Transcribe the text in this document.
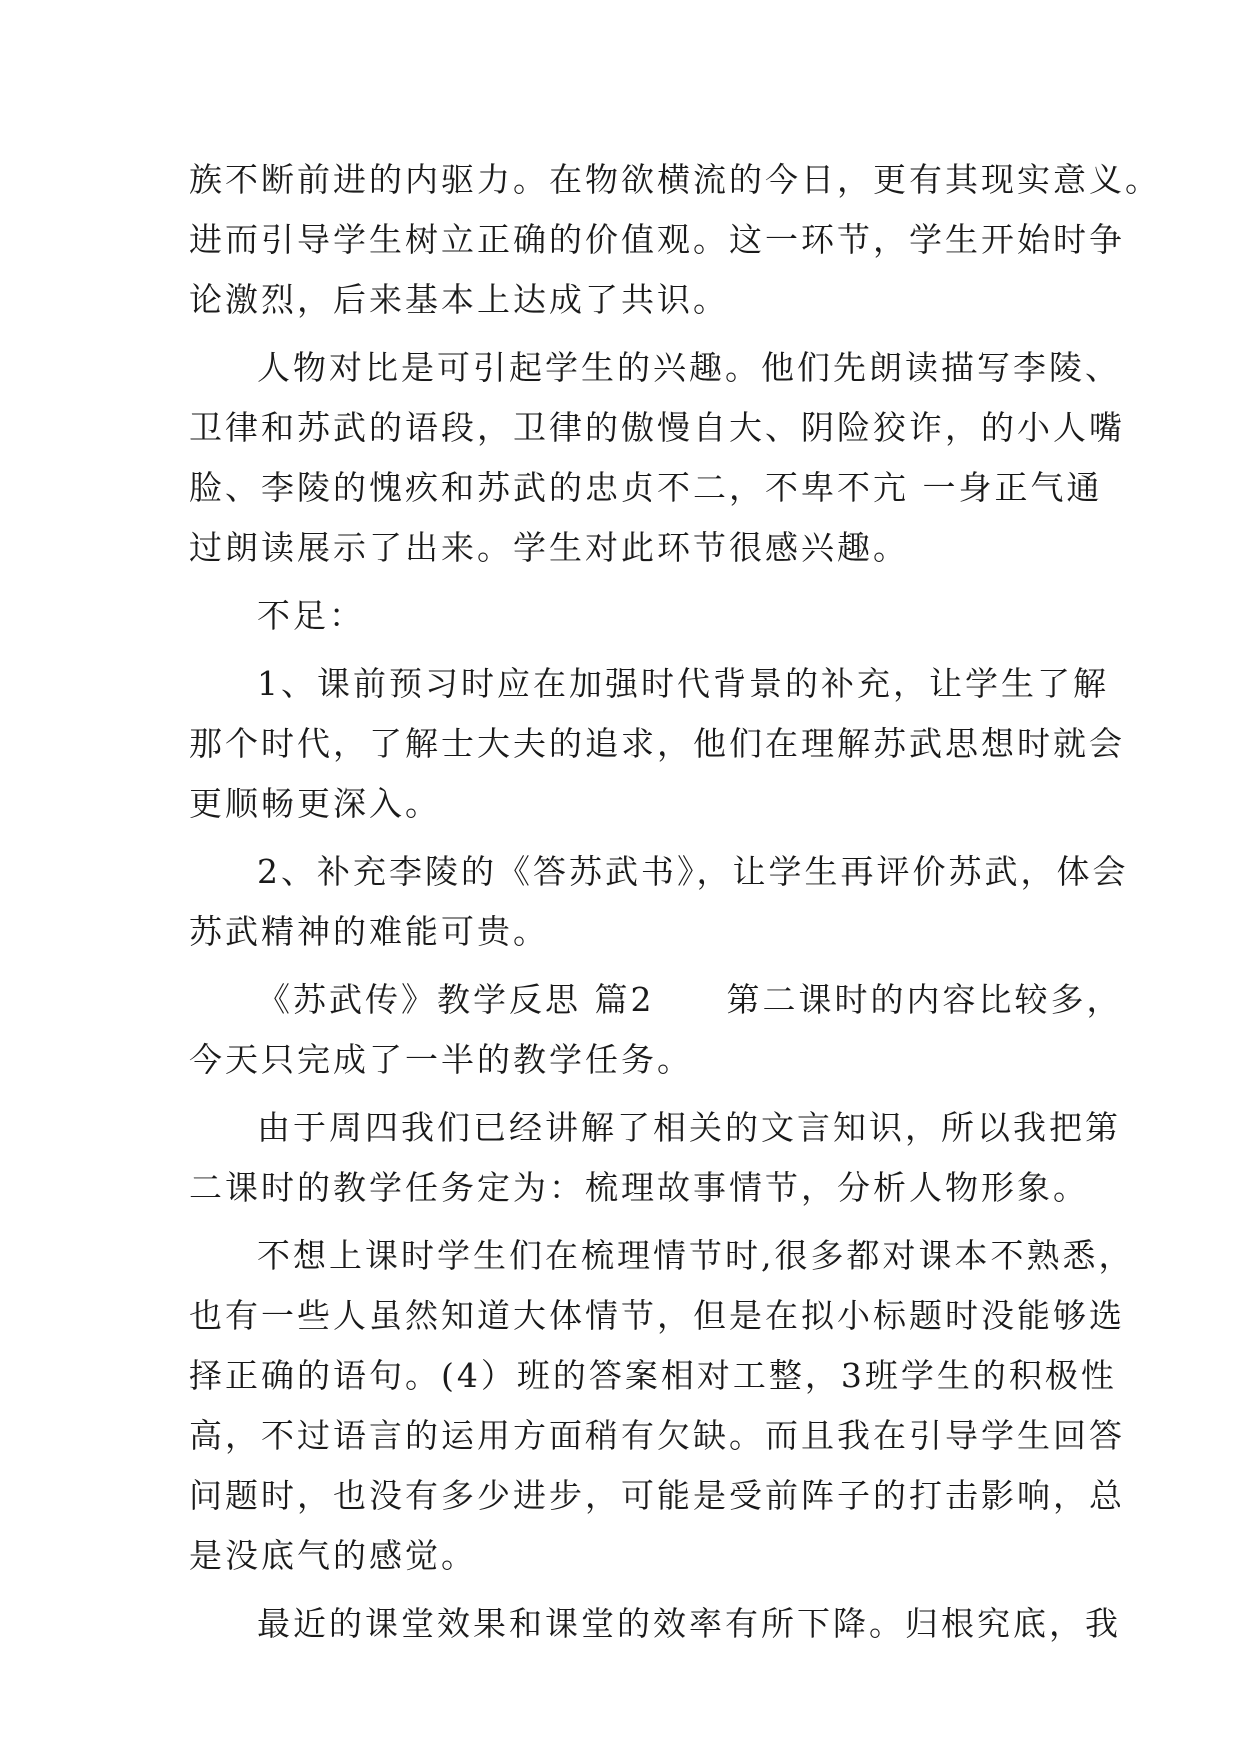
族不断前进的内驱力。在物欲横流的今日，更有其现实意义。
进而引导学生树立正确的价值观。这一环节，学生开始时争
论激烈，后来基本上达成了共识。
人物对比是可引起学生的兴趣。他们先朗读描写李陵、
卫律和苏武的语段，卫律的傲慢自大、阴险狡诈，的小人嘴
脸、李陵的愧疚和苏武的忠贞不二，不卑不亢 一身正气通
过朗读展示了出来。学生对此环节很感兴趣。
不足：
1、课前预习时应在加强时代背景的补充，让学生了解
那个时代，了解士大夫的追求，他们在理解苏武思想时就会
更顺畅更深入。
2、补充李陵的《答苏武书》，让学生再评价苏武，体会
苏武精神的难能可贵。
《苏武传》教学反思 篇2　　第二课时的内容比较多，
今天只完成了一半的教学任务。
由于周四我们已经讲解了相关的文言知识，所以我把第
二课时的教学任务定为：梳理故事情节，分析人物形象。
不想上课时学生们在梳理情节时,很多都对课本不熟悉，
也有一些人虽然知道大体情节，但是在拟小标题时没能够选
择正确的语句。(4）班的答案相对工整，3班学生的积极性
高，不过语言的运用方面稍有欠缺。而且我在引导学生回答
问题时，也没有多少进步，可能是受前阵子的打击影响，总
是没底气的感觉。
最近的课堂效果和课堂的效率有所下降。归根究底，我
